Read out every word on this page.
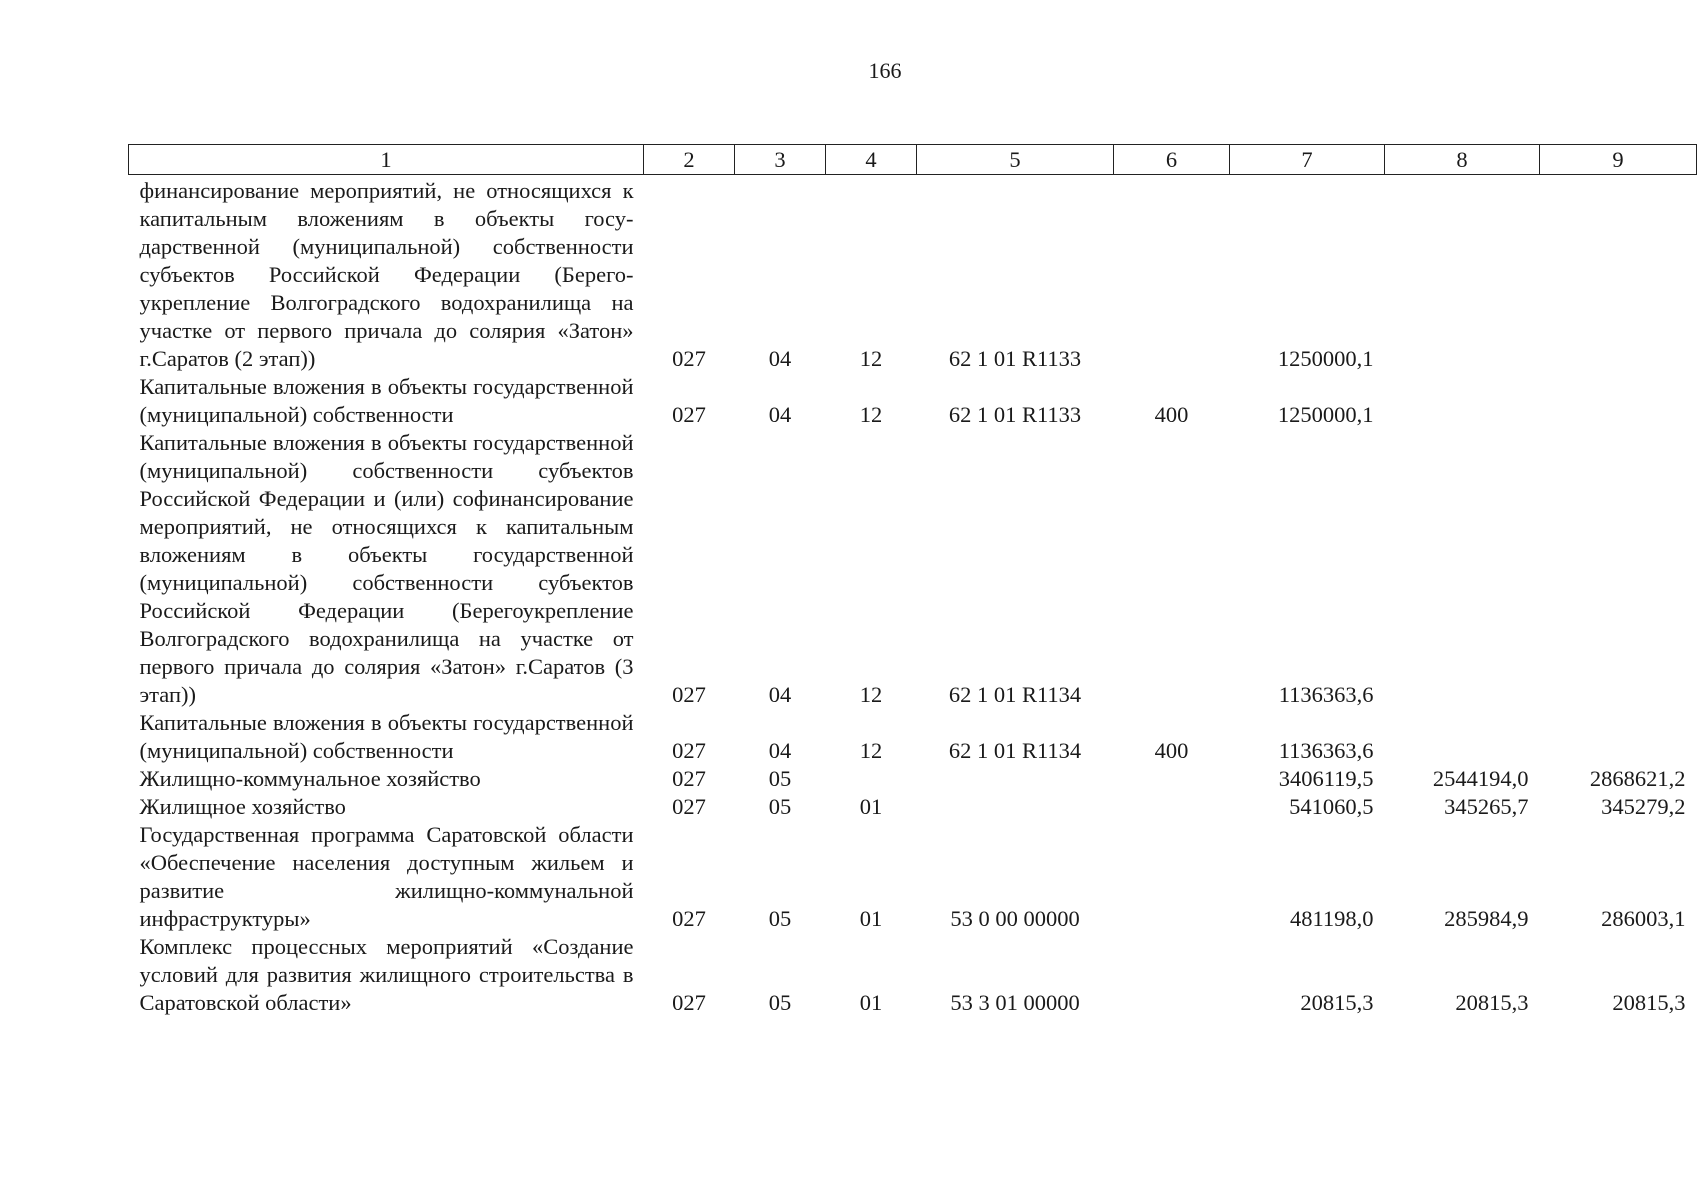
166
1	2	3	4	5	6	7	8	9

финансирование мероприятий, не относящихся к капитальным вложениям в объекты государственной (муниципальной) собственности субъектов Российской Федерации (Берегоукрепление Волгоградского водохранилища на участке от первого причала до солярия «Затон» г.Саратов (2 этап))	027	04	12	62 1 01 R1133		1250000,1		
Капитальные вложения в объекты государственной (муниципальной) собственности	027	04	12	62 1 01 R1133	400	1250000,1		
Капитальные вложения в объекты государственной (муниципальной) собственности субъектов Российской Федерации и (или) софинансирование мероприятий, не относящихся к капитальным вложениям в объекты государственной (муниципальной) собственности субъектов Российской Федерации (Берегоукрепление Волгоградского водохранилища на участке от первого причала до солярия «Затон» г.Саратов (3 этап))	027	04	12	62 1 01 R1134		1136363,6		
Капитальные вложения в объекты государственной (муниципальной) собственности	027	04	12	62 1 01 R1134	400	1136363,6		
Жилищно-коммунальное хозяйство	027	05				3406119,5	2544194,0	2868621,2
Жилищное хозяйство	027	05	01			541060,5	345265,7	345279,2
Государственная программа Саратовской области «Обеспечение населения доступным жильем и развитие жилищно-коммунальной инфраструктуры»	027	05	01	53 0 00 00000		481198,0	285984,9	286003,1
Комплекс процессных мероприятий «Создание условий для развития жилищного строительства в Саратовской области»	027	05	01	53 3 01 00000		20815,3	20815,3	20815,3
